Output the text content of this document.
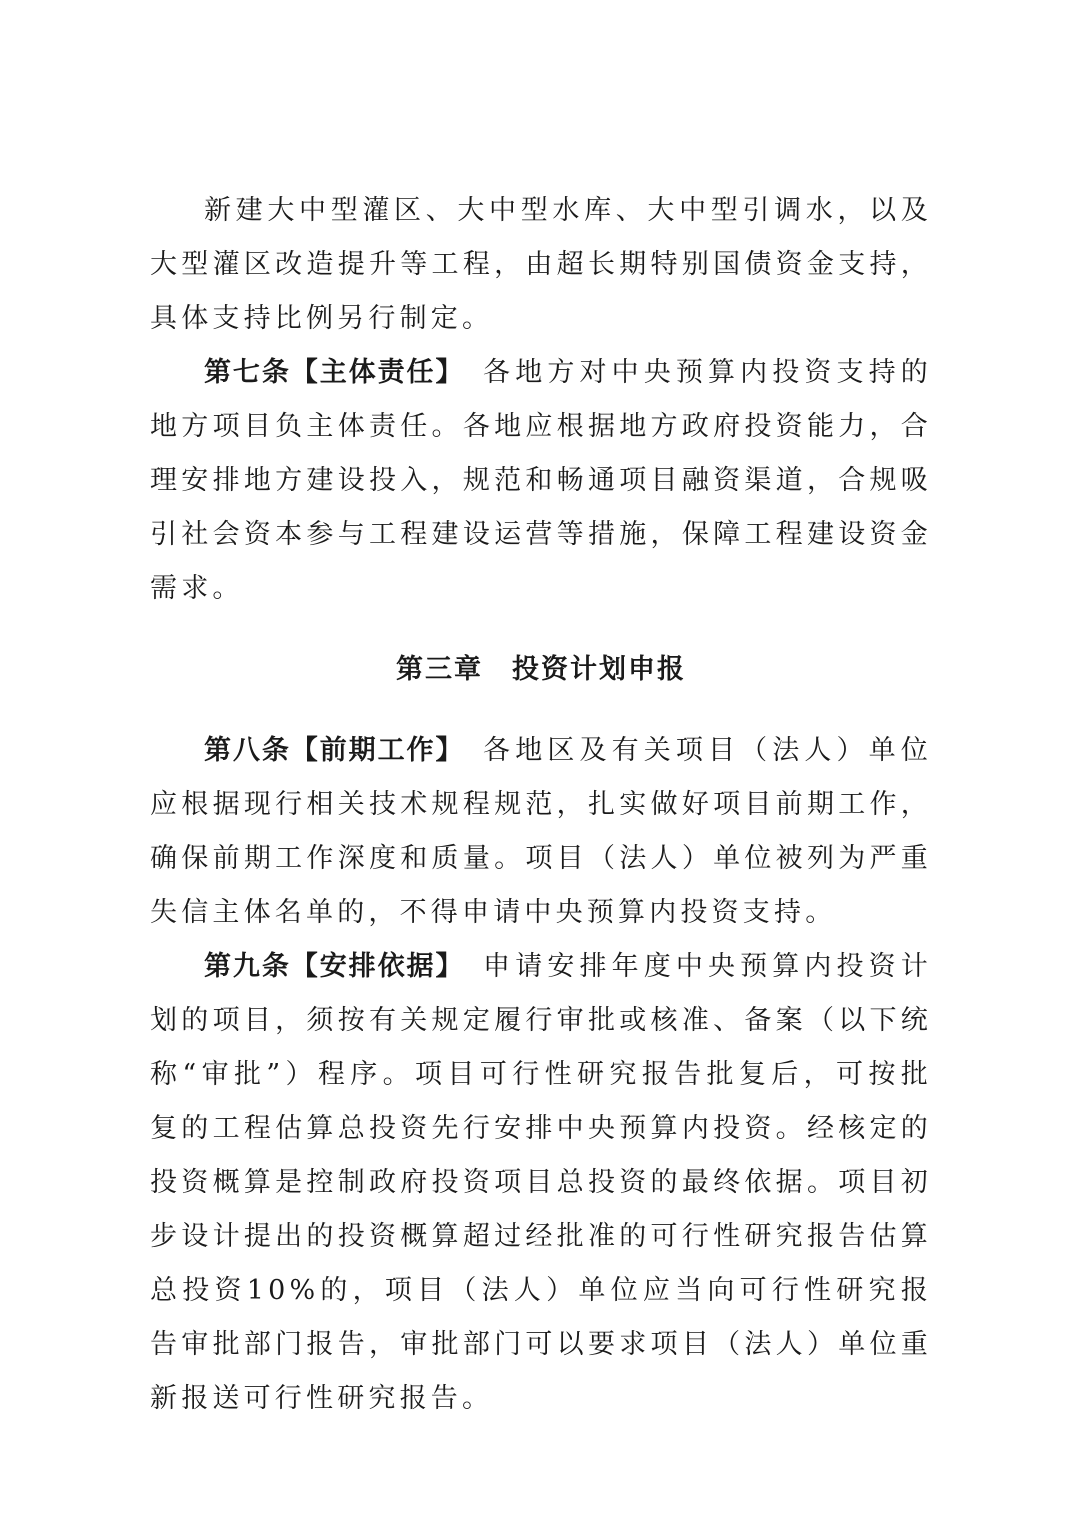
新建大中型灌区、大中型水库、大中型引调水，以及大型灌区改造提升等工程，由超长期特别国债资金支持，具体支持比例另行制定。

第七条【主体责任】　各地方对中央预算内投资支持的地方项目负主体责任。各地应根据地方政府投资能力，合理安排地方建设投入，规范和畅通项目融资渠道，合规吸引社会资本参与工程建设运营等措施，保障工程建设资金需求。

第三章　投资计划申报

第八条【前期工作】　各地区及有关项目（法人）单位应根据现行相关技术规程规范，扎实做好项目前期工作，确保前期工作深度和质量。项目（法人）单位被列为严重失信主体名单的，不得申请中央预算内投资支持。

第九条【安排依据】　申请安排年度中央预算内投资计划的项目，须按有关规定履行审批或核准、备案（以下统称“审批”）程序。项目可行性研究报告批复后，可按批复的工程估算总投资先行安排中央预算内投资。经核定的投资概算是控制政府投资项目总投资的最终依据。项目初步设计提出的投资概算超过经批准的可行性研究报告估算总投资10%的，项目（法人）单位应当向可行性研究报告审批部门报告，审批部门可以要求项目（法人）单位重新报送可行性研究报告。
